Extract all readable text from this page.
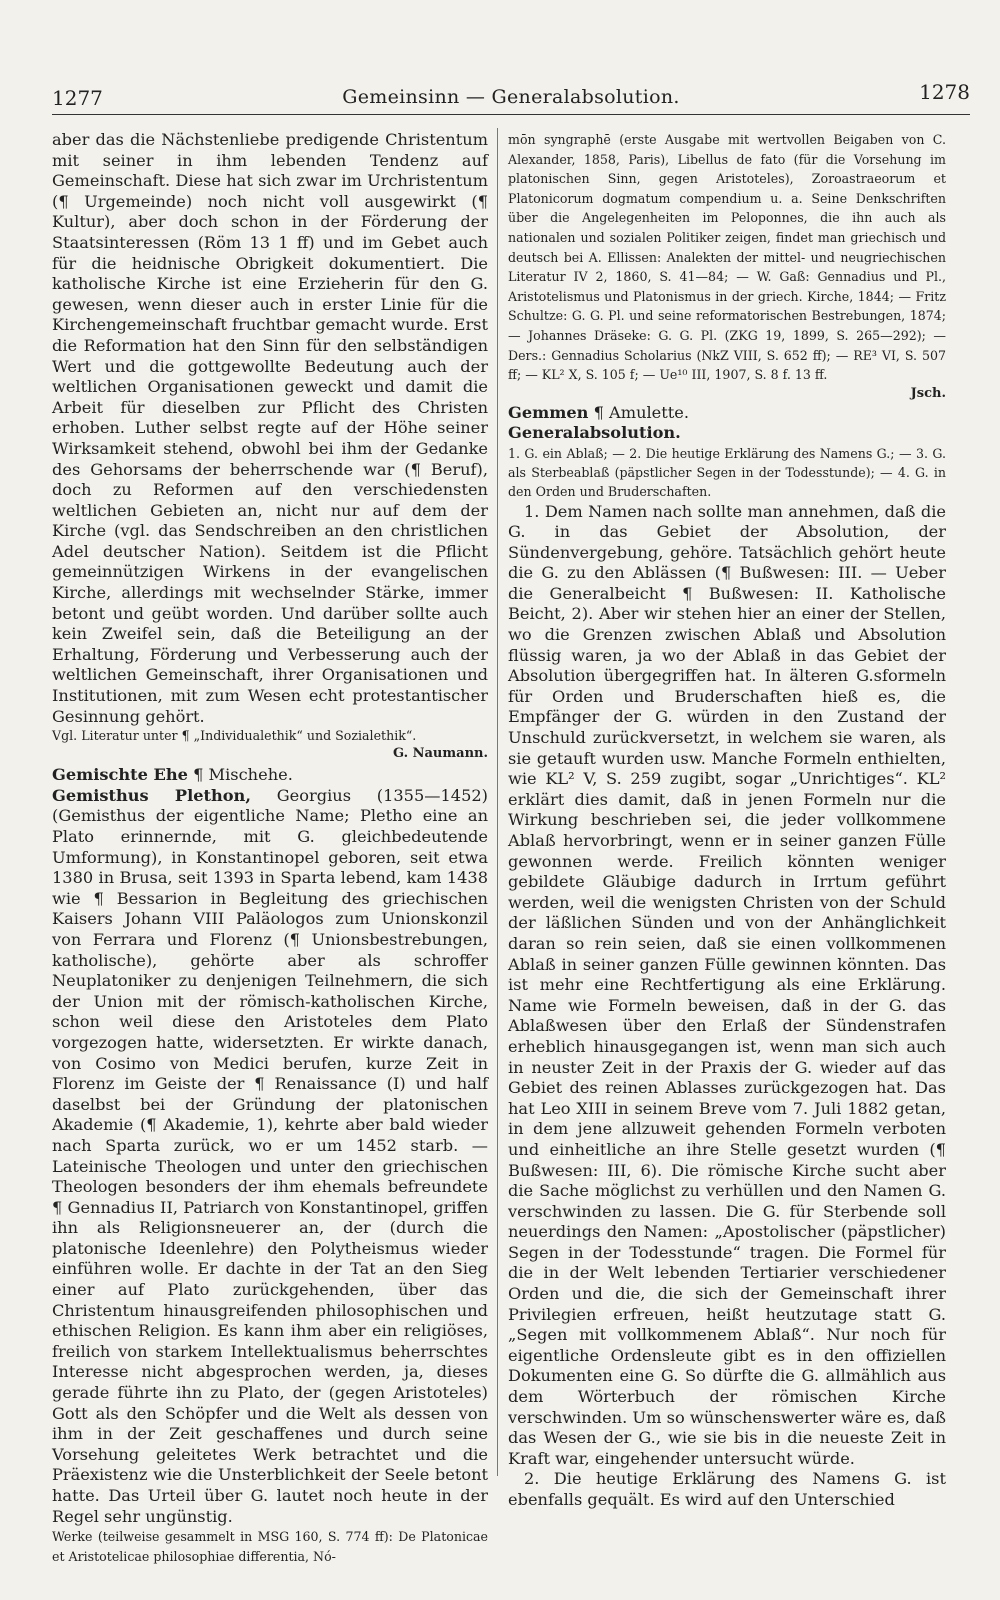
1277	Gemeinsinn — Generalabsolution.	1278

aber das die Nächstenliebe predigende Christentum mit seiner in ihm lebenden Tendenz auf Gemeinschaft. Diese hat sich zwar im Urchristentum (¶ Urgemeinde) noch nicht voll ausgewirkt (¶ Kultur), aber doch schon in der Förderung der Staatsinteressen (Röm 13 1 ff) und im Gebet auch für die heidnische Obrigkeit dokumentiert. Die katholische Kirche ist eine Erzieherin für den G. gewesen, wenn dieser auch in erster Linie für die Kirchengemeinschaft fruchtbar gemacht wurde. Erst die Reformation hat den Sinn für den selbständigen Wert und die gottgewollte Bedeutung auch der weltlichen Organisationen geweckt und damit die Arbeit für dieselben zur Pflicht des Christen erhoben. Luther selbst regte auf der Höhe seiner Wirksamkeit stehend, obwohl bei ihm der Gedanke des Gehorsams der beherrschende war (¶ Beruf), doch zu Reformen auf den verschiedensten weltlichen Gebieten an, nicht nur auf dem der Kirche (vgl. das Sendschreiben an den christlichen Adel deutscher Nation). Seitdem ist die Pflicht gemeinnützigen Wirkens in der evangelischen Kirche, allerdings mit wechselnder Stärke, immer betont und geübt worden. Und darüber sollte auch kein Zweifel sein, daß die Beteiligung an der Erhaltung, Förderung und Verbesserung auch der weltlichen Gemeinschaft, ihrer Organisationen und Institutionen, mit zum Wesen echt protestantischer Gesinnung gehört.

Vgl. Literatur unter ¶ „Individualethik“ und Sozialethik“.

G. Naumann.

Gemischte Ehe ¶ Mischehe.

Gemisthus Plethon, Georgius (1355—1452) (Gemisthus der eigentliche Name; Pletho eine an Plato erinnernde, mit G. gleichbedeutende Umformung), in Konstantinopel geboren, seit etwa 1380 in Brusa, seit 1393 in Sparta lebend, kam 1438 wie ¶ Bessarion in Begleitung des griechischen Kaisers Johann VIII Paläologos zum Unionskonzil von Ferrara und Florenz (¶ Unionsbestrebungen, katholische), gehörte aber als schroffer Neuplatoniker zu denjenigen Teilnehmern, die sich der Union mit der römisch-katholischen Kirche, schon weil diese den Aristoteles dem Plato vorgezogen hatte, widersetzten. Er wirkte danach, von Cosimo von Medici berufen, kurze Zeit in Florenz im Geiste der ¶ Renaissance (I) und half daselbst bei der Gründung der platonischen Akademie (¶ Akademie, 1), kehrte aber bald wieder nach Sparta zurück, wo er um 1452 starb. — Lateinische Theologen und unter den griechischen Theologen besonders der ihm ehemals befreundete ¶ Gennadius II, Patriarch von Konstantinopel, griffen ihn als Religionsneuerer an, der (durch die platonische Ideenlehre) den Polytheismus wieder einführen wolle. Er dachte in der Tat an den Sieg einer auf Plato zurückgehenden, über das Christentum hinausgreifenden philosophischen und ethischen Religion. Es kann ihm aber ein religiöses, freilich von starkem Intellektualismus beherrschtes Interesse nicht abgesprochen werden, ja, dieses gerade führte ihn zu Plato, der (gegen Aristoteles) Gott als den Schöpfer und die Welt als dessen von ihm in der Zeit geschaffenes und durch seine Vorsehung geleitetes Werk betrachtet und die Präexistenz wie die Unsterblichkeit der Seele betont hatte. Das Urteil über G. lautet noch heute in der Regel sehr ungünstig.

Werke (teilweise gesammelt in MSG 160, S. 774 ff): De Platonicae et Aristotelicae philosophiae differentia, Nó-

mōn syngraphē (erste Ausgabe mit wertvollen Beigaben von C. Alexander, 1858, Paris), Libellus de fato (für die Vorsehung im platonischen Sinn, gegen Aristoteles), Zoroastraeorum et Platonicorum dogmatum compendium u. a. Seine Denkschriften über die Angelegenheiten im Peloponnes, die ihn auch als nationalen und sozialen Politiker zeigen, findet man griechisch und deutsch bei A. Ellissen: Analekten der mittel- und neugriechischen Literatur IV 2, 1860, S. 41—84; — W. Gaß: Gennadius und Pl., Aristotelismus und Platonismus in der griech. Kirche, 1844; — Fritz Schultze: G. G. Pl. und seine reformatorischen Bestrebungen, 1874; — Johannes Dräseke: G. G. Pl. (ZKG 19, 1899, S. 265—292); — Ders.: Gennadius Scholarius (NkZ VIII, S. 652 ff); — RE³ VI, S. 507 ff; — KL² X, S. 105 f; — Ue¹⁰ III, 1907, S. 8 f. 13 ff.

Jsch.

Gemmen ¶ Amulette.

Generalabsolution.

1. G. ein Ablaß; — 2. Die heutige Erklärung des Namens G.; — 3. G. als Sterbeablaß (päpstlicher Segen in der Todesstunde); — 4. G. in den Orden und Bruderschaften.

1. Dem Namen nach sollte man annehmen, daß die G. in das Gebiet der Absolution, der Sündenvergebung, gehöre. Tatsächlich gehört heute die G. zu den Ablässen (¶ Bußwesen: III. — Ueber die Generalbeicht ¶ Bußwesen: II. Katholische Beicht, 2). Aber wir stehen hier an einer der Stellen, wo die Grenzen zwischen Ablaß und Absolution flüssig waren, ja wo der Ablaß in das Gebiet der Absolution übergegriffen hat. In älteren G.sformeln für Orden und Bruderschaften hieß es, die Empfänger der G. würden in den Zustand der Unschuld zurückversetzt, in welchem sie waren, als sie getauft wurden usw. Manche Formeln enthielten, wie KL² V, S. 259 zugibt, sogar „Unrichtiges“. KL² erklärt dies damit, daß in jenen Formeln nur die Wirkung beschrieben sei, die jeder vollkommene Ablaß hervorbringt, wenn er in seiner ganzen Fülle gewonnen werde. Freilich könnten weniger gebildete Gläubige dadurch in Irrtum geführt werden, weil die wenigsten Christen von der Schuld der läßlichen Sünden und von der Anhänglichkeit daran so rein seien, daß sie einen vollkommenen Ablaß in seiner ganzen Fülle gewinnen könnten. Das ist mehr eine Rechtfertigung als eine Erklärung. Name wie Formeln beweisen, daß in der G. das Ablaßwesen über den Erlaß der Sündenstrafen erheblich hinausgegangen ist, wenn man sich auch in neuster Zeit in der Praxis der G. wieder auf das Gebiet des reinen Ablasses zurückgezogen hat. Das hat Leo XIII in seinem Breve vom 7. Juli 1882 getan, in dem jene allzuweit gehenden Formeln verboten und einheitliche an ihre Stelle gesetzt wurden (¶ Bußwesen: III, 6). Die römische Kirche sucht aber die Sache möglichst zu verhüllen und den Namen G. verschwinden zu lassen. Die G. für Sterbende soll neuerdings den Namen: „Apostolischer (päpstlicher) Segen in der Todesstunde“ tragen. Die Formel für die in der Welt lebenden Tertiarier verschiedener Orden und die, die sich der Gemeinschaft ihrer Privilegien erfreuen, heißt heutzutage statt G. „Segen mit vollkommenem Ablaß“. Nur noch für eigentliche Ordensleute gibt es in den offiziellen Dokumenten eine G. So dürfte die G. allmählich aus dem Wörterbuch der römischen Kirche verschwinden. Um so wünschenswerter wäre es, daß das Wesen der G., wie sie bis in die neueste Zeit in Kraft war, eingehender untersucht würde.

2. Die heutige Erklärung des Namens G. ist ebenfalls gequält. Es wird auf den Unterschied
